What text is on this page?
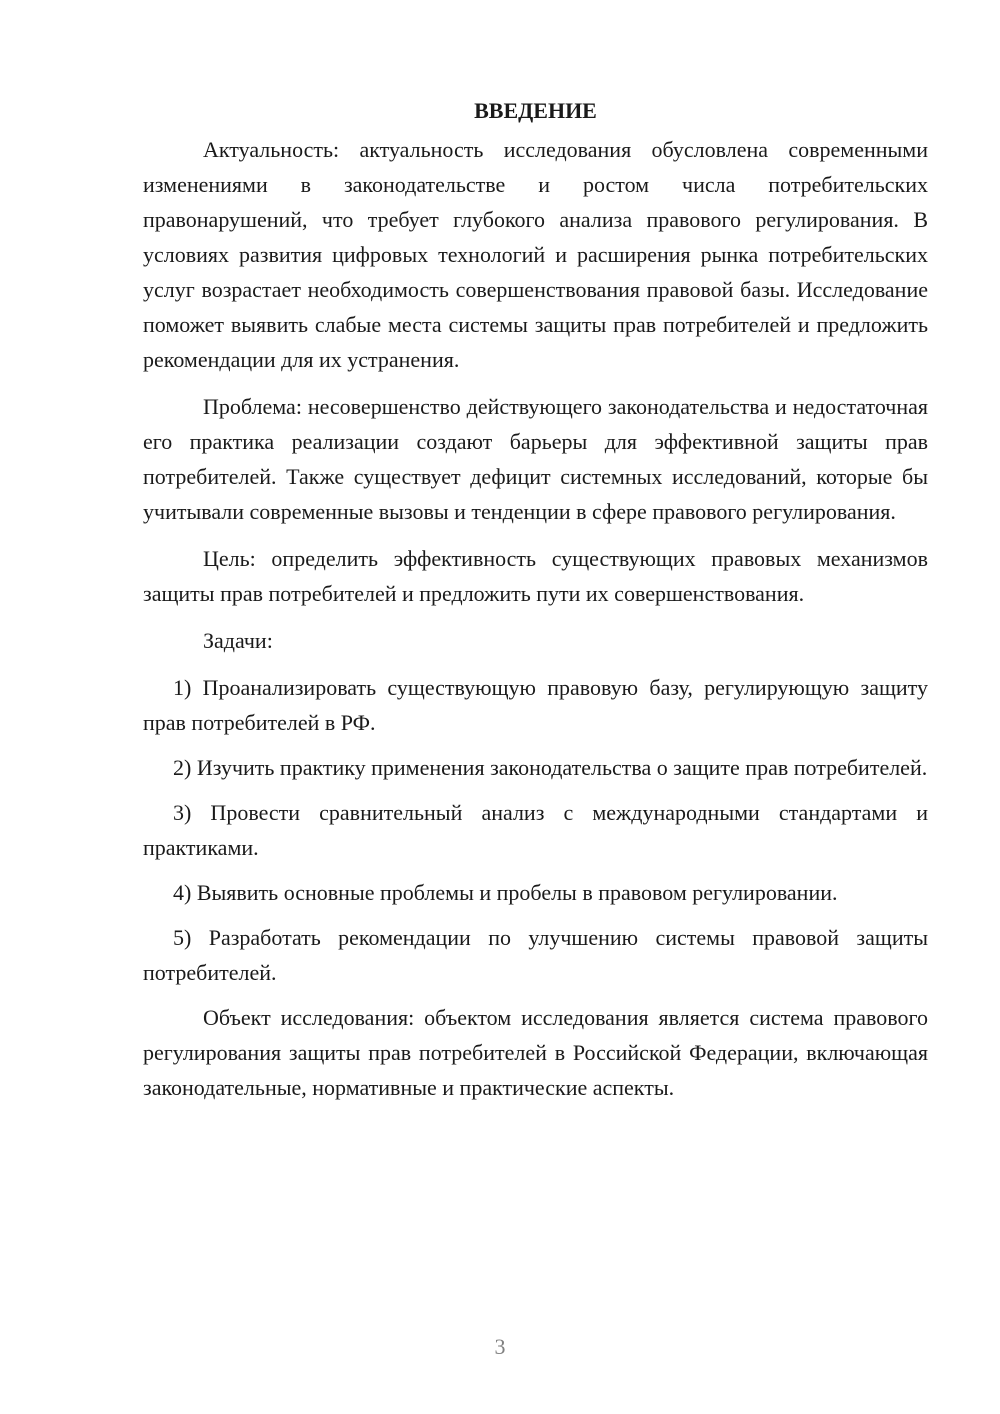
ВВЕДЕНИЕ

Актуальность: актуальность исследования обусловлена современными изменениями в законодательстве и ростом числа потребительских правонарушений, что требует глубокого анализа правового регулирования. В условиях развития цифровых технологий и расширения рынка потребительских услуг возрастает необходимость совершенствования правовой базы. Исследование поможет выявить слабые места системы защиты прав потребителей и предложить рекомендации для их устранения.

Проблема: несовершенство действующего законодательства и недостаточная его практика реализации создают барьеры для эффективной защиты прав потребителей. Также существует дефицит системных исследований, которые бы учитывали современные вызовы и тенденции в сфере правового регулирования.

Цель: определить эффективность существующих правовых механизмов защиты прав потребителей и предложить пути их совершенствования.

Задачи:

1) Проанализировать существующую правовую базу, регулирующую защиту прав потребителей в РФ.

2) Изучить практику применения законодательства о защите прав потребителей.

3) Провести сравнительный анализ с международными стандартами и практиками.

4) Выявить основные проблемы и пробелы в правовом регулировании.

5) Разработать рекомендации по улучшению системы правовой защиты потребителей.

Объект исследования: объектом исследования является система правового регулирования защиты прав потребителей в Российской Федерации, включающая законодательные, нормативные и практические аспекты.

3
